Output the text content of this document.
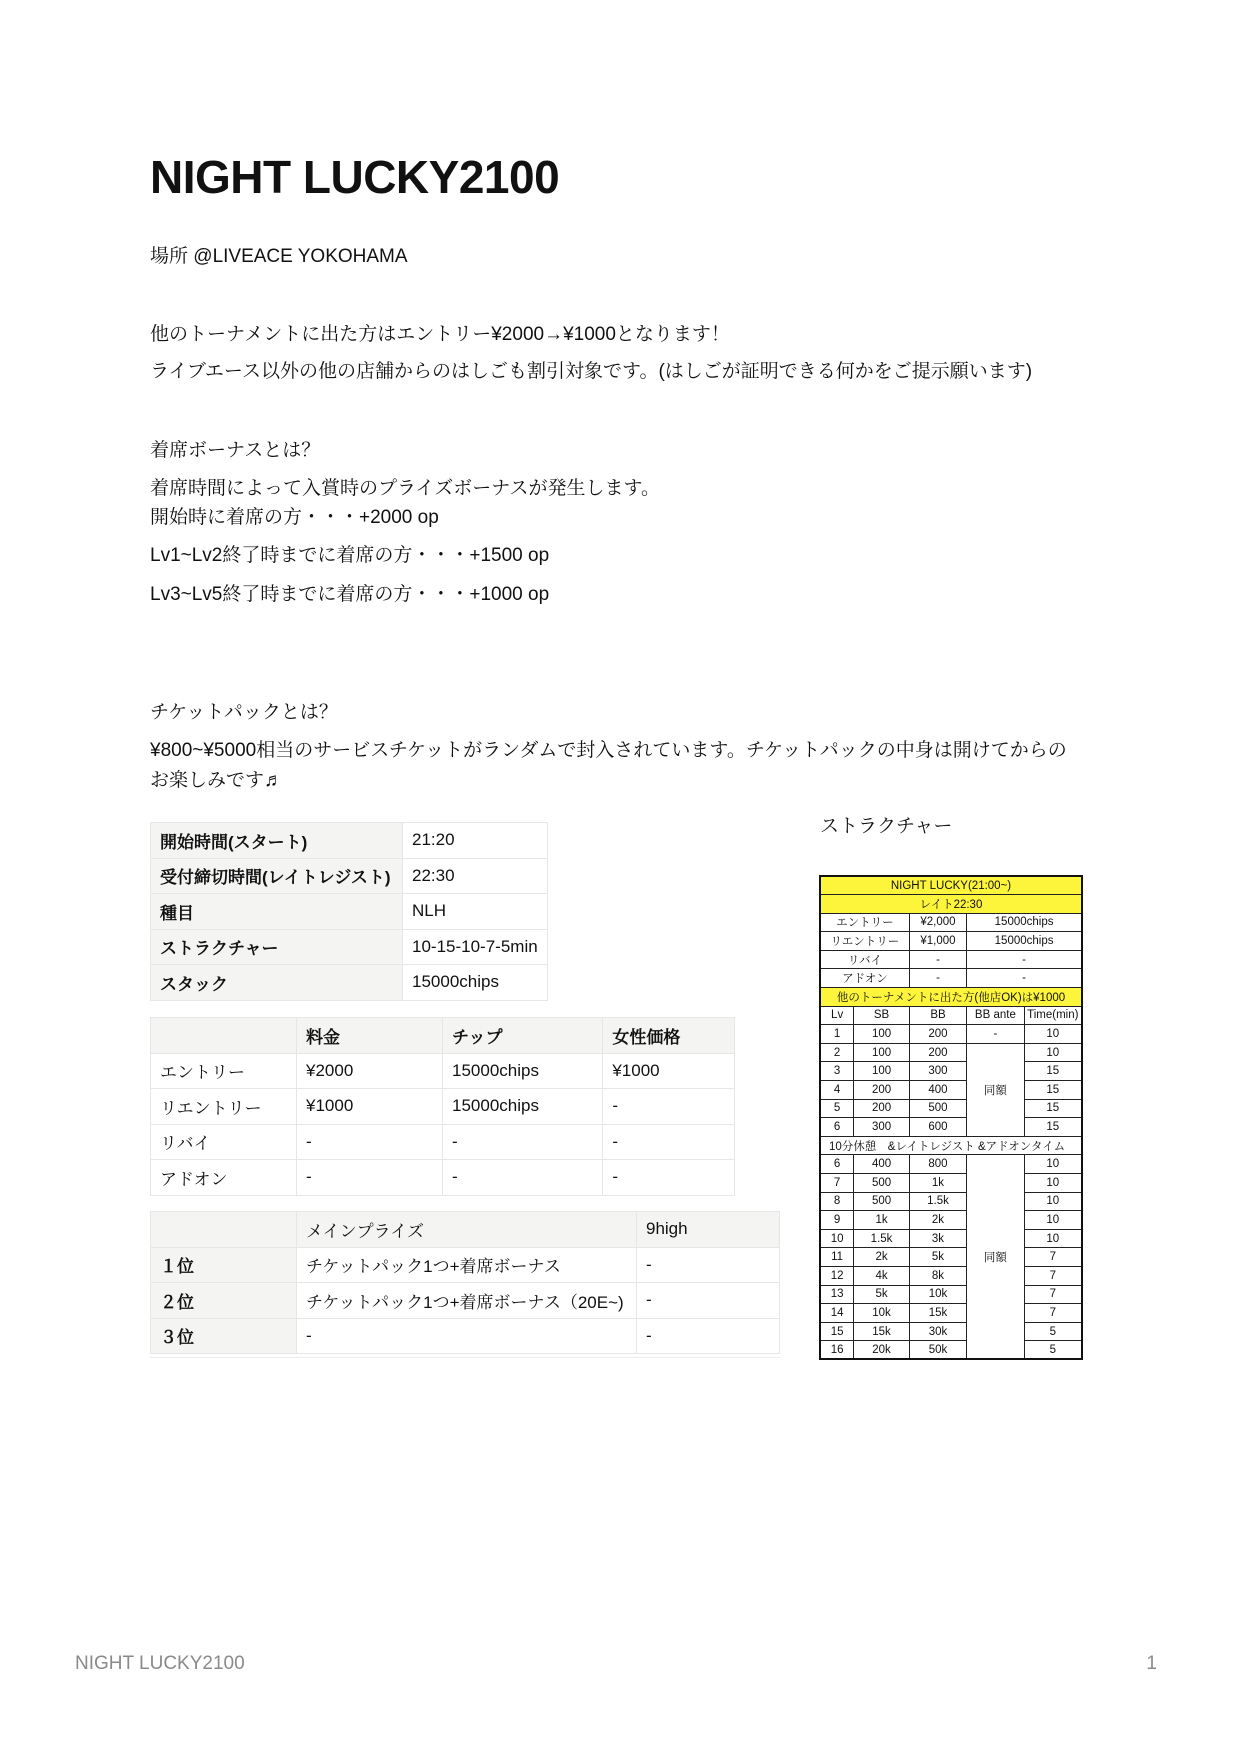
NIGHT LUCKY2100
場所 @LIVEACE YOKOHAMA
他のトーナメントに出た方はエントリー¥2000→¥1000となります！
ライブエース以外の他の店舗からのはしごも割引対象です。(はしごが証明できる何かをご提示願います)
着席ボーナスとは？
着席時間によって入賞時のプライズボーナスが発生します。
開始時に着席の方・・・+2000 op
Lv1~Lv2終了時までに着席の方・・・+1500 op
Lv3~Lv5終了時までに着席の方・・・+1000 op
チケットパックとは？
¥800~¥5000相当のサービスチケットがランダムで封入されています。チケットパックの中身は開けてからのお楽しみです♬
開始時間(スタート)	21:20
受付締切時間(レイトレジスト)	22:30
種目	NLH
ストラクチャー	10-15-10-7-5min
スタック	15000chips
	料金	チップ	女性価格
エントリー	¥2000	15000chips	¥1000
リエントリー	¥1000	15000chips	-
リバイ	-	-	-
アドオン	-	-	-
	メインプライズ	9high
１位	チケットパック1つ+着席ボーナス	-
２位	チケットパック1つ+着席ボーナス（20E~)	-
３位	-	-
ストラクチャー
NIGHT LUCKY(21:00~)				
レイト22:30				
エントリー		¥2,000	15000chips	
リエントリー		¥1,000	15000chips	
リバイ		-	-	
アドオン		-	-	
他のトーナメントに出た方(他店OK)は¥1000				
Lv	SB	BB	BB ante	Time(min)
1	100	200	-	10
2	100	200	同額	10
3	100	300		15
4	200	400		15
5	200	500		15
6	300	600		15
10分休憩　&レイトレジスト &アドオンタイム				
6	400	800	同額	10
7	500	1k		10
8	500	1.5k		10
9	1k	2k		10
10	1.5k	3k		10
11	2k	5k		7
12	4k	8k		7
13	5k	10k		7
14	10k	15k		7
15	15k	30k		5
16	20k	50k		5
NIGHT LUCKY2100	1
